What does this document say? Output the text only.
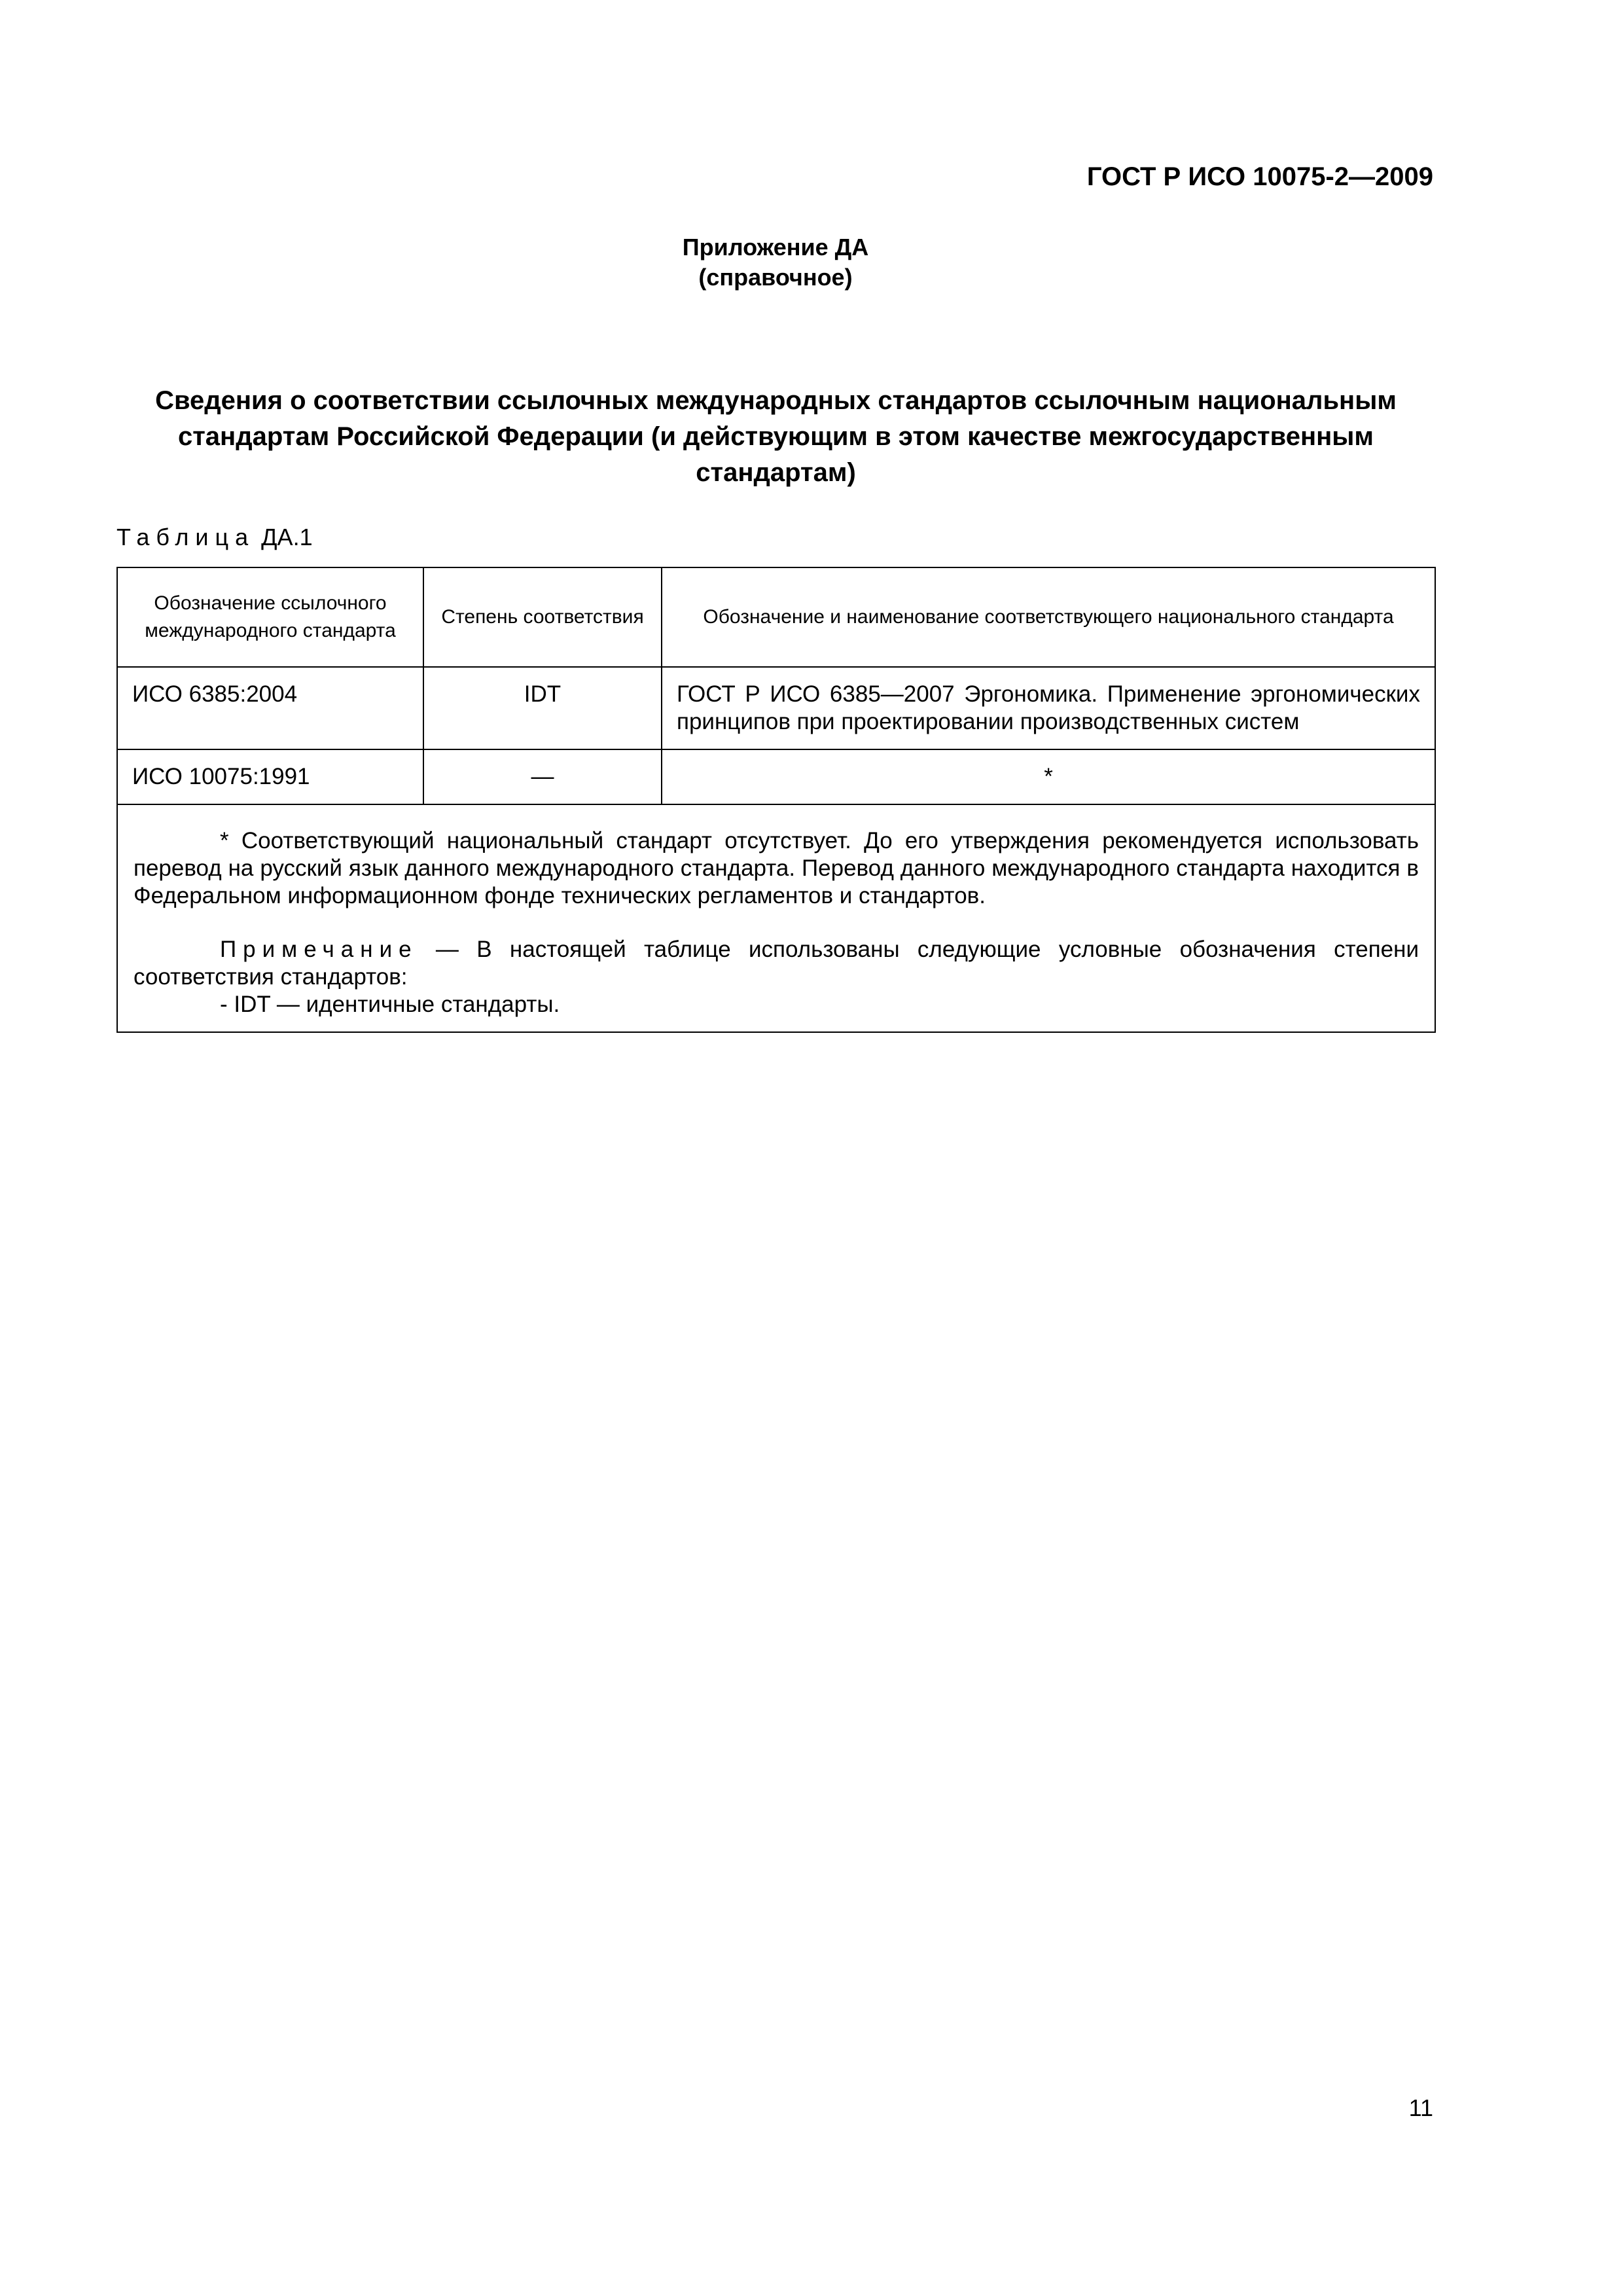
ГОСТ Р ИСО 10075-2—2009
Приложение ДА
(справочное)
Сведения о соответствии ссылочных международных стандартов ссылочным национальным стандартам Российской Федерации (и действующим в этом качестве межгосударственным стандартам)
Таблица ДА.1
Обозначение ссылочного международного стандарта	Степень соответствия	Обозначение и наименование соответствующего национального стандарта
ИСО 6385:2004	IDT	ГОСТ Р ИСО 6385—2007 Эргономика. Применение эргономических принципов при проектировании производственных систем
ИСО 10075:1991	—	*

* Соответствующий национальный стандарт отсутствует. До его утверждения рекомендуется использовать перевод на русский язык данного международного стандарта. Перевод данного международного стандарта находится в Федеральном информационном фонде технических регламентов и стандартов.
Примечание — В настоящей таблице использованы следующие условные обозначения степени соответствия стандартов:
- IDT — идентичные стандарты.		
11
